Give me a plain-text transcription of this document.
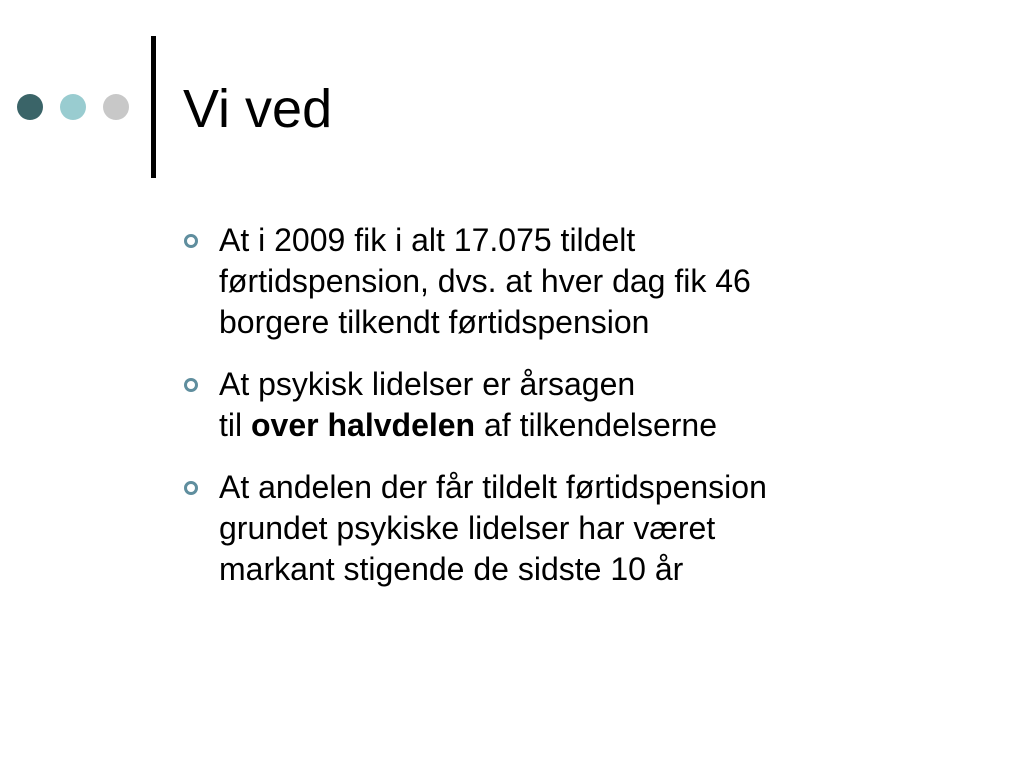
Vi ved
At i 2009 fik i alt 17.075 tildelt
førtidspension, dvs. at hver dag fik 46
borgere tilkendt førtidspension
At psykisk lidelser er årsagen
til over halvdelen af tilkendelserne
At andelen der får tildelt førtidspension
grundet psykiske lidelser har været
markant stigende de sidste 10 år
